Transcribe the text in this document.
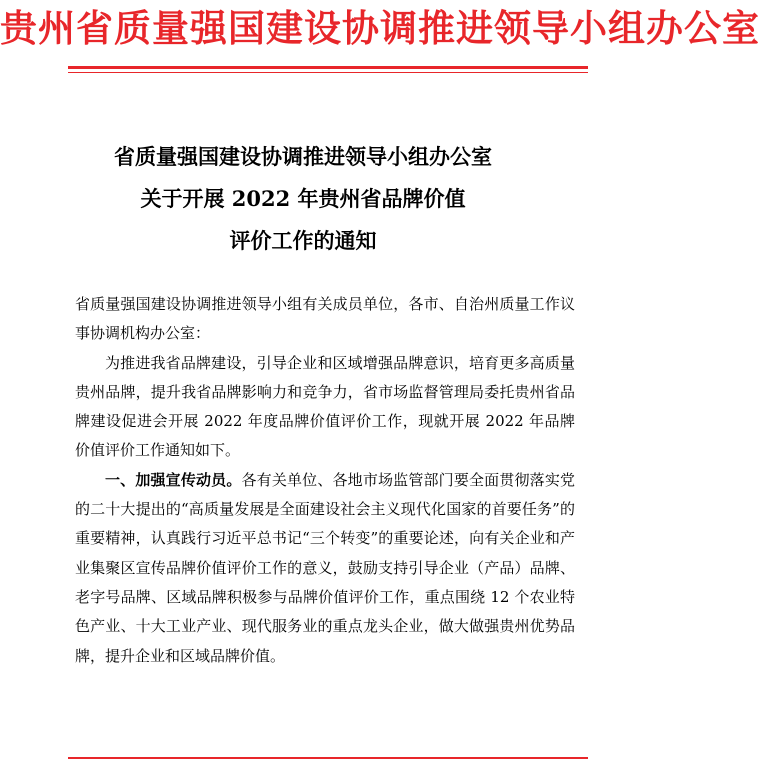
贵州省质量强国建设协调推进领导小组办公室
省质量强国建设协调推进领导小组办公室
关于开展 2022 年贵州省品牌价值
评价工作的通知

省质量强国建设协调推进领导小组有关成员单位，各市、自治州质量工作议事协调机构办公室：

为推进我省品牌建设，引导企业和区域增强品牌意识，培育更多高质量贵州品牌，提升我省品牌影响力和竞争力，省市场监督管理局委托贵州省品牌建设促进会开展 2022 年度品牌价值评价工作，现就开展 2022 年品牌价值评价工作通知如下。

一、加强宣传动员。各有关单位、各地市场监管部门要全面贯彻落实党的二十大提出的“高质量发展是全面建设社会主义现代化国家的首要任务”的重要精神，认真践行习近平总书记“三个转变”的重要论述，向有关企业和产业集聚区宣传品牌价值评价工作的意义，鼓励支持引导企业（产品）品牌、老字号品牌、区域品牌积极参与品牌价值评价工作，重点围绕 12 个农业特色产业、十大工业产业、现代服务业的重点龙头企业，做大做强贵州优势品牌，提升企业和区域品牌价值。
